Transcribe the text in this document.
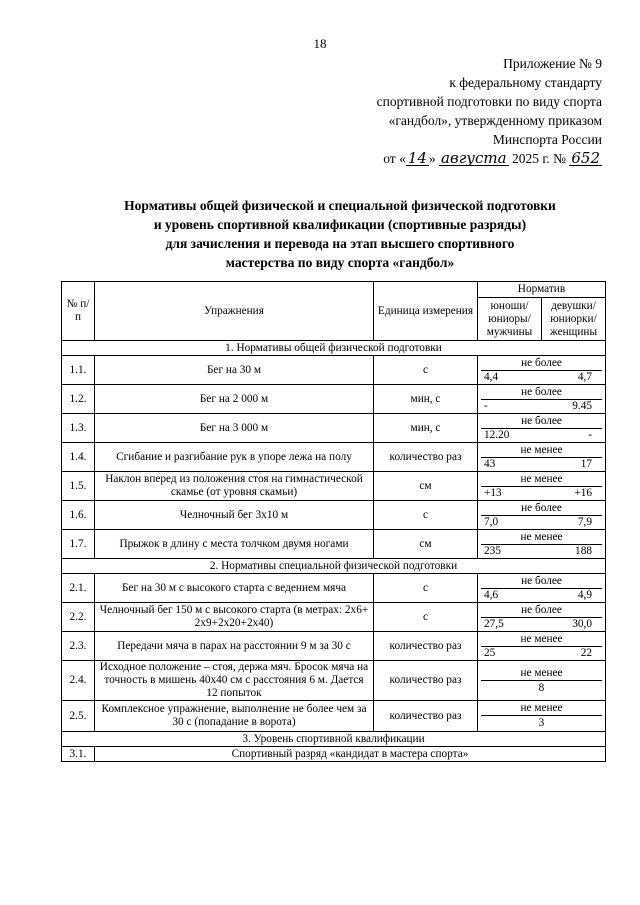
18
Приложение № 9
к федеральному стандарту
спортивной подготовки по виду спорта
«гандбол», утвержденному приказом
Минспорта России
от « 14 » августа 2025 г. № 652
Нормативы общей физической и специальной физической подготовки
и уровень спортивной квалификации (спортивные разряды)
для зачисления и перевода на этап высшего спортивного
мастерства по виду спорта «гандбол»
№ п/п	Упражнения	Единица измерения	Норматив	
			юноши/ юниоры/ мужчины	девушки/ юниорки/ женщины
1. Нормативы общей физической подготовки				
1.1.	Бег на 30 м	с	не более
4,4 4,7	

1.2.	Бег на 2 000 м	мин, с	не более
- 9.45	

1.3.	Бег на 3 000 м	мин, с	не более
12.20 -	

1.4.	Сгибание и разгибание рук в упоре лежа на полу	количество раз	не менее
43 17	

1.5.	Наклон вперед из положения стоя на гимнастической скамье (от уровня скамьи)	см	не менее
+13 +16	

1.6.	Челночный бег 3х10 м	с	не более
7,0 7,9	

1.7.	Прыжок в длину с места толчком двумя ногами	см	не менее
235 188	

2. Нормативы специальной физической подготовки				
2.1.	Бег на 30 м с высокого старта с ведением мяча	с	не более
4,6 4,9	

2.2.	Челночный бег 150 м с высокого старта (в метрах: 2х6+ 2х9+2х20+2х40)	с	не более
27,5 30,0	

2.3.	Передачи мяча в парах на расстоянии 9 м за 30 с	количество раз	не менее
25 22	

2.4.	Исходное положение – стоя, держа мяч. Бросок мяча на точность в мишень 40х40 см с расстояния 6 м. Дается 12 попыток	количество раз	не менее
8	

2.5.	Комплексное упражнение, выполнение не более чем за 30 с (попадание в ворота)	количество раз	не менее
3	

3. Уровень спортивной квалификации				
3.1.	Спортивный разряд «кандидат в мастера спорта»			
